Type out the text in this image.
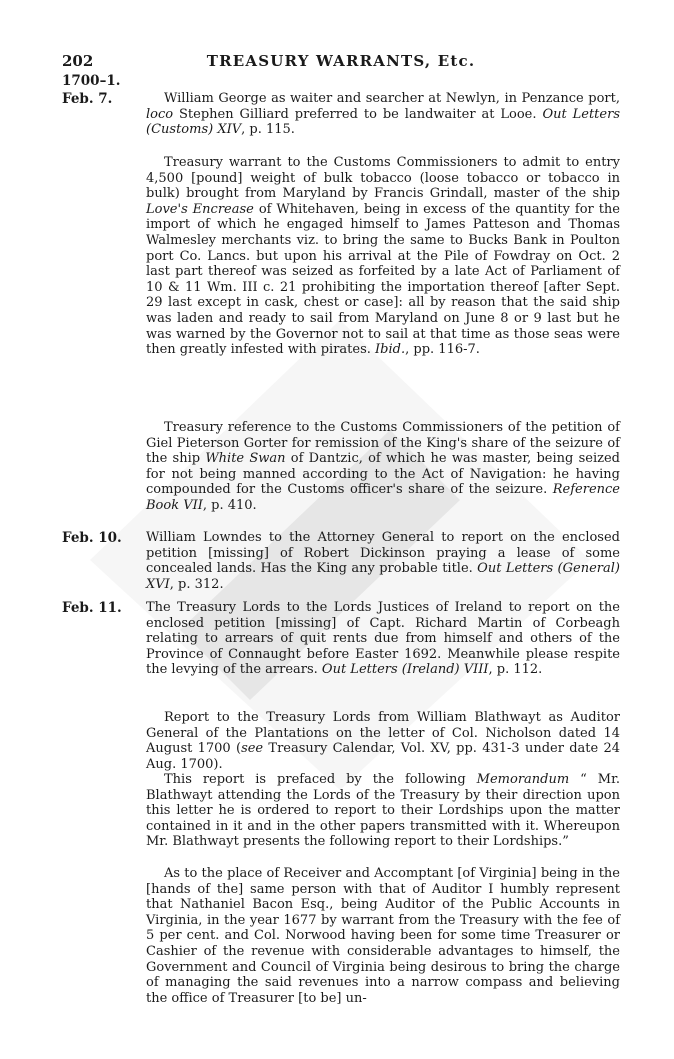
202	TREASURY WARRANTS, Etc.
1700–1.
Feb. 7.
Feb. 10.
Feb. 11.
William George as waiter and searcher at Newlyn, in Penzance port, loco Stephen Gilliard preferred to be landwaiter at Looe. Out Letters (Customs) XIV, p. 115.
Treasury warrant to the Customs Commissioners to admit to entry 4,500 [pound] weight of bulk tobacco (loose tobacco or tobacco in bulk) brought from Maryland by Francis Grindall, master of the ship Love's Encrease of Whitehaven, being in excess of the quantity for the import of which he engaged himself to James Patteson and Thomas Walmesley merchants viz. to bring the same to Bucks Bank in Poulton port Co. Lancs. but upon his arrival at the Pile of Fowdray on Oct. 2 last part thereof was seized as forfeited by a late Act of Parliament of 10 & 11 Wm. III c. 21 prohibiting the importation thereof [after Sept. 29 last except in cask, chest or case]: all by reason that the said ship was laden and ready to sail from Maryland on June 8 or 9 last but he was warned by the Governor not to sail at that time as those seas were then greatly infested with pirates. Ibid., pp. 116-7.
Treasury reference to the Customs Commissioners of the petition of Giel Pieterson Gorter for remission of the King's share of the seizure of the ship White Swan of Dantzic, of which he was master, being seized for not being manned according to the Act of Navigation: he having compounded for the Customs officer's share of the seizure. Reference Book VII, p. 410.
William Lowndes to the Attorney General to report on the enclosed petition [missing] of Robert Dickinson praying a lease of some concealed lands. Has the King any probable title. Out Letters (General) XVI, p. 312.
The Treasury Lords to the Lords Justices of Ireland to report on the enclosed petition [missing] of Capt. Richard Martin of Corbeagh relating to arrears of quit rents due from himself and others of the Province of Connaught before Easter 1692. Meanwhile please respite the levying of the arrears. Out Letters (Ireland) VIII, p. 112.
Report to the Treasury Lords from William Blathwayt as Auditor General of the Plantations on the letter of Col. Nicholson dated 14 August 1700 (see Treasury Calendar, Vol. XV, pp. 431-3 under date 24 Aug. 1700).
This report is prefaced by the following Memorandum “ Mr. Blathwayt attending the Lords of the Treasury by their direction upon this letter he is ordered to report to their Lordships upon the matter contained in it and in the other papers transmitted with it. Whereupon Mr. Blathwayt presents the following report to their Lordships.”
As to the place of Receiver and Accomptant [of Virginia] being in the [hands of the] same person with that of Auditor I humbly represent that Nathaniel Bacon Esq., being Auditor of the Public Accounts in Virginia, in the year 1677 by warrant from the Treasury with the fee of 5 per cent. and Col. Norwood having been for some time Treasurer or Cashier of the revenue with considerable advantages to himself, the Government and Council of Virginia being desirous to bring the charge of managing the said revenues into a narrow compass and believing the office of Treasurer [to be] un-
